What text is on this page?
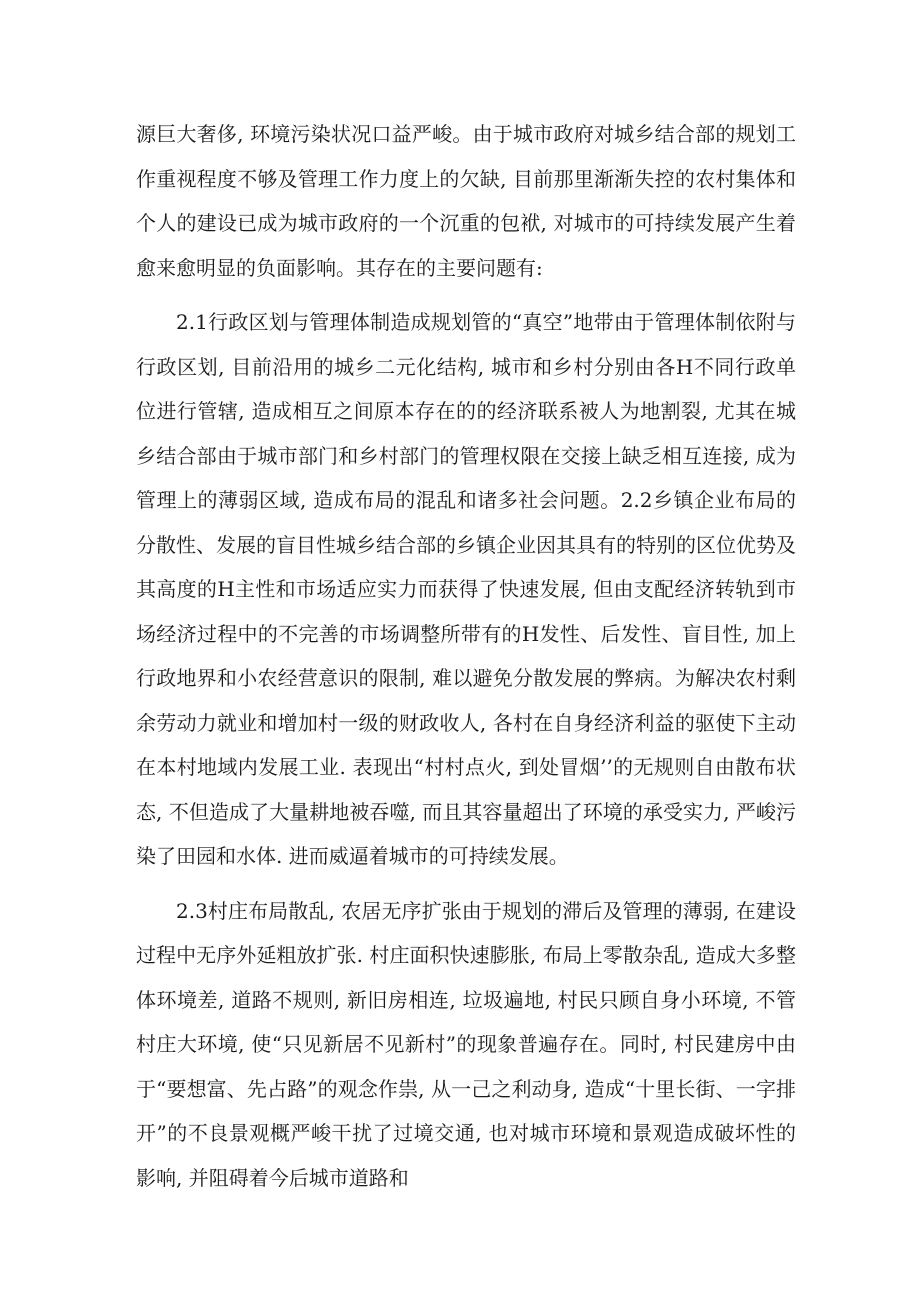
源巨大奢侈, 环境污染状况口益严峻。由于城市政府对城乡结合部的规划工作重视程度不够及管理工作力度上的欠缺, 目前那里渐渐失控的农村集体和个人的建设已成为城市政府的一个沉重的包袱, 对城市的可持续发展产生着愈来愈明显的负面影响。其存在的主要问题有:

2.1行政区划与管理体制造成规划管的“真空”地带由于管理体制依附与行政区划, 目前沿用的城乡二元化结构, 城市和乡村分别由各H不同行政单位进行管辖, 造成相互之间原本存在的的经济联系被人为地割裂, 尤其在城乡结合部由于城市部门和乡村部门的管理权限在交接上缺乏相互连接, 成为管理上的薄弱区域, 造成布局的混乱和诸多社会问题。2.2乡镇企业布局的分散性、发展的盲目性城乡结合部的乡镇企业因其具有的特别的区位优势及其高度的H主性和市场适应实力而获得了快速发展, 但由支配经济转轨到市场经济过程中的不完善的市场调整所带有的H发性、后发性、盲目性, 加上行政地界和小农经营意识的限制, 难以避免分散发展的弊病。为解决农村剩余劳动力就业和增加村一级的财政收人, 各村在自身经济利益的驱使下主动在本村地域内发展工业. 表现出“村村点火, 到处冒烟’’的无规则自由散布状态, 不但造成了大量耕地被吞噬, 而且其容量超出了环境的承受实力, 严峻污染了田园和水体. 进而威逼着城市的可持续发展。

2.3村庄布局散乱, 农居无序扩张由于规划的滞后及管理的薄弱, 在建设过程中无序外延粗放扩张. 村庄面积快速膨胀, 布局上零散杂乱, 造成大多整体环境差, 道路不规则, 新旧房相连, 垃圾遍地, 村民只顾自身小环境, 不管村庄大环境, 使“只见新居不见新村”的现象普遍存在。同时, 村民建房中由于“要想富、先占路”的观念作祟, 从一己之利动身, 造成“十里长街、一字排开”的不良景观概严峻干扰了过境交通, 也对城市环境和景观造成破坏性的影响, 并阻碍着今后城市道路和
